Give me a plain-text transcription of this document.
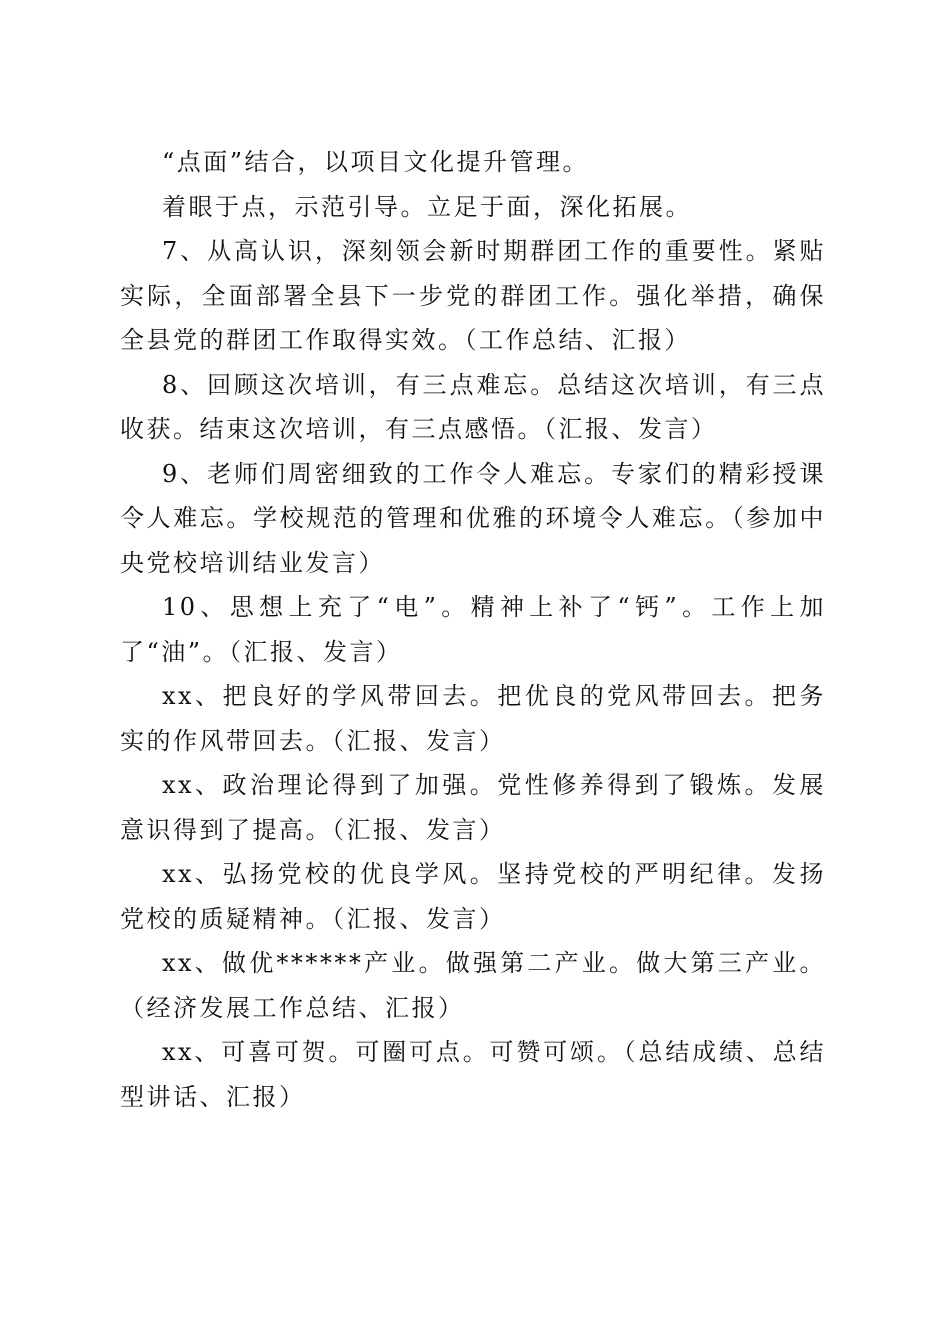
“点面”结合，以项目文化提升管理。

着眼于点，示范引导。立足于面，深化拓展。

7、从高认识，深刻领会新时期群团工作的重要性。紧贴实际，全面部署全县下一步党的群团工作。强化举措，确保全县党的群团工作取得实效。（工作总结、汇报）

8、回顾这次培训，有三点难忘。总结这次培训，有三点收获。结束这次培训，有三点感悟。（汇报、发言）

9、老师们周密细致的工作令人难忘。专家们的精彩授课令人难忘。学校规范的管理和优雅的环境令人难忘。（参加中央党校培训结业发言）

10、思想上充了“电”。精神上补了“钙”。工作上加了“油”。（汇报、发言）

xx、把良好的学风带回去。把优良的党风带回去。把务实的作风带回去。（汇报、发言）

xx、政治理论得到了加强。党性修养得到了锻炼。发展意识得到了提高。（汇报、发言）

xx、弘扬党校的优良学风。坚持党校的严明纪律。发扬党校的质疑精神。（汇报、发言）

xx、做优******产业。做强第二产业。做大第三产业。（经济发展工作总结、汇报）

xx、可喜可贺。可圈可点。可赞可颂。（总结成绩、总结型讲话、汇报）
